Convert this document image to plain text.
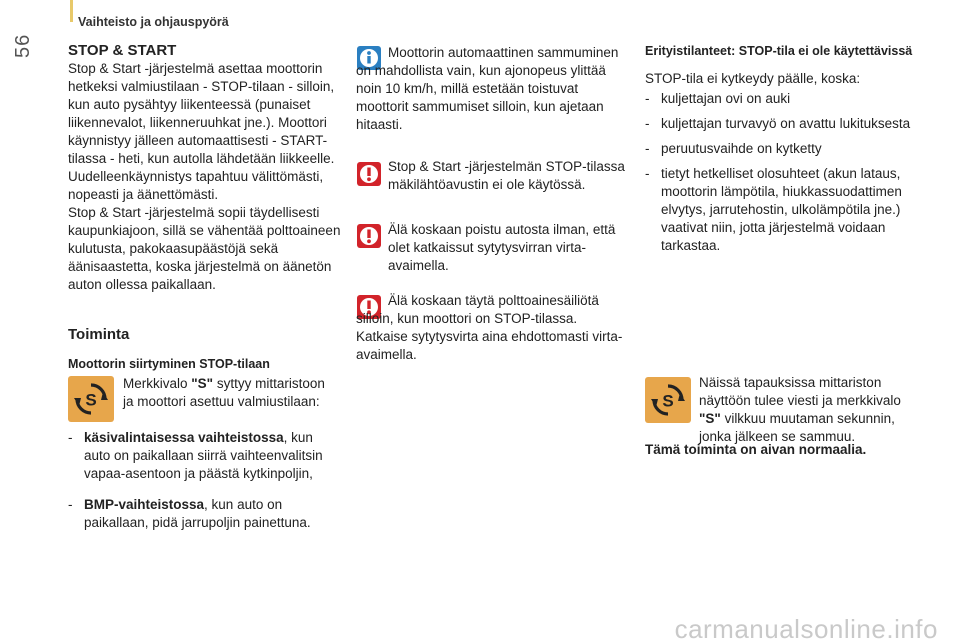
56
Vaihteisto ja ohjauspyörä
STOP & START

Stop & Start -järjestelmä asettaa moottorin hetkeksi valmiustilaan - STOP-tilaan - silloin, kun auto pysähtyy liikenteessä (punaiset liikennevalot, liikenneruuhkat jne.). Moottori käynnistyy jälleen automaattisesti - START-tilassa - heti, kun autolla lähdetään liikkeelle. Uudelleenkäynnistys tapahtuu välittömästi, nopeasti ja äänettömästi.

Stop & Start -järjestelmä sopii täydellisesti kaupunkiajoon, sillä se vähentää polttoaineen kulutusta, pakokaasupäästöjä sekä äänisaastetta, koska järjestelmä on äänetön auton ollessa paikallaan.

Toiminta
Moottorin siirtyminen STOP-tilaan
S
Merkkivalo "S" syttyy mittaristoon ja moottori asettuu valmiustilaan:
- käsivalintaisessa vaihteistossa, kun auto on paikallaan siirrä vaihteenvalitsin vapaa-asentoon ja päästä kytkinpoljin,
- BMP-vaihteistossa, kun auto on paikallaan, pidä jarrupoljin painettuna.
Moottorin automaattinen sammuminen on mahdollista vain, kun ajonopeus ylittää noin 10 km/h, millä estetään toistuvat moottorit sammumiset silloin, kun ajetaan hitaasti.
Stop & Start -järjestelmän STOP-tilassa mäkilähtöavustin ei ole käytössä.
Älä koskaan poistu autosta ilman, että olet katkaissut sytytysvirran virta-avaimella.
Älä koskaan täytä polttoainesäiliötä silloin, kun moottori on STOP-tilassa. Katkaise sytytysvirta aina ehdottomasti virta-avaimella.
Erityistilanteet: STOP-tila ei ole käytettävissä

STOP-tila ei kytkeydy päälle, koska:

- kuljettajan ovi on auki
- kuljettajan turvavyö on avattu lukituksesta
- peruutusvaihde on kytketty
- tietyt hetkelliset olosuhteet (akun lataus, moottorin lämpötila, hiukkassuodattimen elvytys, jarrutehostin, ulkolämpötila jne.) vaativat niin, jotta järjestelmä voidaan tarkastaa.
S
Näissä tapauksissa mittariston näyttöön tulee viesti ja merkkivalo "S" vilkkuu muutaman sekunnin, jonka jälkeen se sammuu.
Tämä toiminta on aivan normaalia.
carmanualsonline.info
